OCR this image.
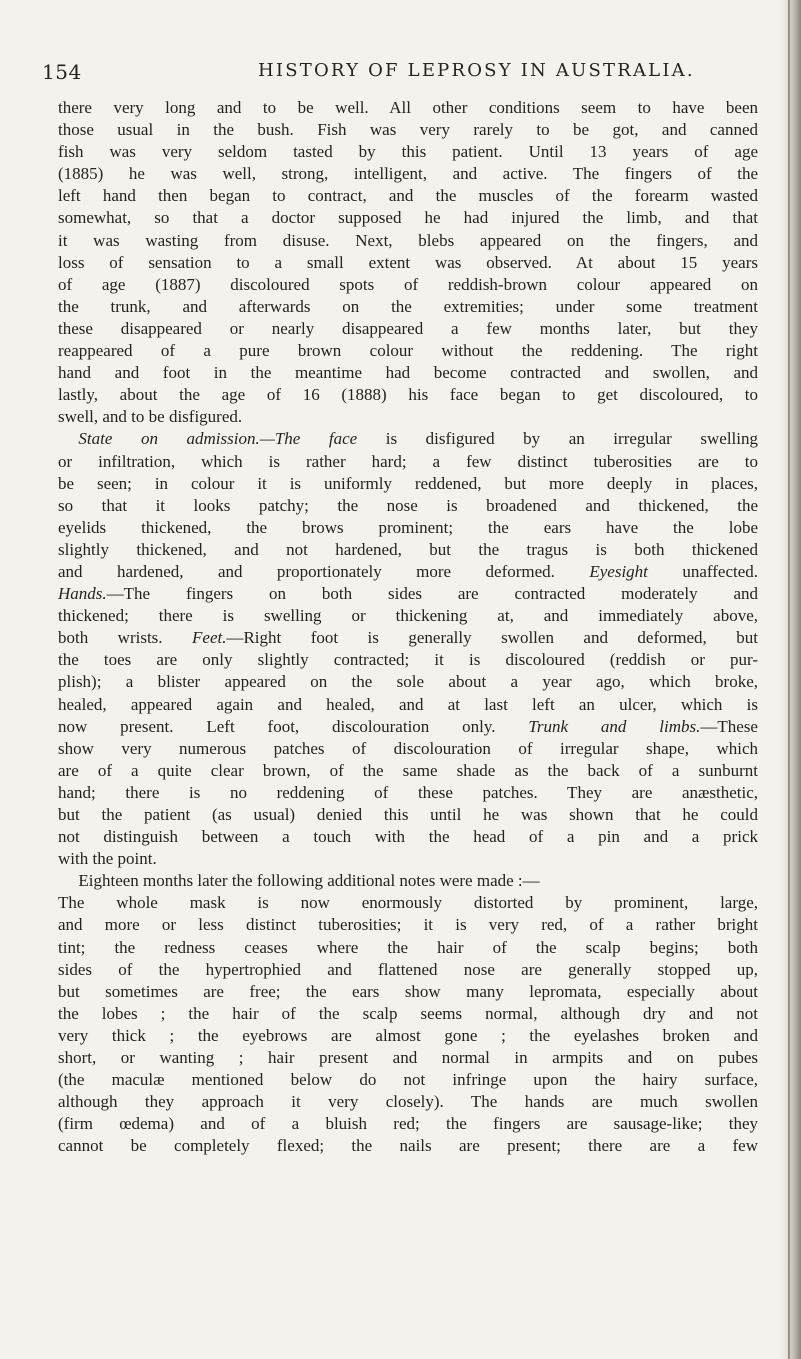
154	HISTORY OF LEPROSY IN AUSTRALIA.
there very long and to be well. All other conditions seem to have been
those usual in the bush. Fish was very rarely to be got, and canned
fish was very seldom tasted by this patient. Until 13 years of age
(1885) he was well, strong, intelligent, and active. The fingers of the
left hand then began to contract, and the muscles of the forearm wasted
somewhat, so that a doctor supposed he had injured the limb, and that
it was wasting from disuse. Next, blebs appeared on the fingers, and
loss of sensation to a small extent was observed. At about 15 years
of age (1887) discoloured spots of reddish-brown colour appeared on
the trunk, and afterwards on the extremities; under some treatment
these disappeared or nearly disappeared a few months later, but they
reappeared of a pure brown colour without the reddening. The right
hand and foot in the meantime had become contracted and swollen, and
lastly, about the age of 16 (1888) his face began to get discoloured, to
swell, and to be disfigured.
State on admission.—The face is disfigured by an irregular swelling
or infiltration, which is rather hard; a few distinct tuberosities are to
be seen; in colour it is uniformly reddened, but more deeply in places,
so that it looks patchy; the nose is broadened and thickened, the
eyelids thickened, the brows prominent; the ears have the lobe
slightly thickened, and not hardened, but the tragus is both thickened
and hardened, and proportionately more deformed. Eyesight unaffected.
Hands.—The fingers on both sides are contracted moderately and
thickened; there is swelling or thickening at, and immediately above,
both wrists. Feet.—Right foot is generally swollen and deformed, but
the toes are only slightly contracted; it is discoloured (reddish or pur-
plish); a blister appeared on the sole about a year ago, which broke,
healed, appeared again and healed, and at last left an ulcer, which is
now present. Left foot, discolouration only. Trunk and limbs.—These
show very numerous patches of discolouration of irregular shape, which
are of a quite clear brown, of the same shade as the back of a sunburnt
hand; there is no reddening of these patches. They are anæsthetic,
but the patient (as usual) denied this until he was shown that he could
not distinguish between a touch with the head of a pin and a prick
with the point.
Eighteen months later the following additional notes were made :—
The whole mask is now enormously distorted by prominent, large,
and more or less distinct tuberosities; it is very red, of a rather bright
tint; the redness ceases where the hair of the scalp begins; both
sides of the hypertrophied and flattened nose are generally stopped up,
but sometimes are free; the ears show many lepromata, especially about
the lobes ; the hair of the scalp seems normal, although dry and not
very thick ; the eyebrows are almost gone ; the eyelashes broken and
short, or wanting ; hair present and normal in armpits and on pubes
(the maculæ mentioned below do not infringe upon the hairy surface,
although they approach it very closely). The hands are much swollen
(firm œdema) and of a bluish red; the fingers are sausage-like; they
cannot be completely flexed; the nails are present; there are a few
